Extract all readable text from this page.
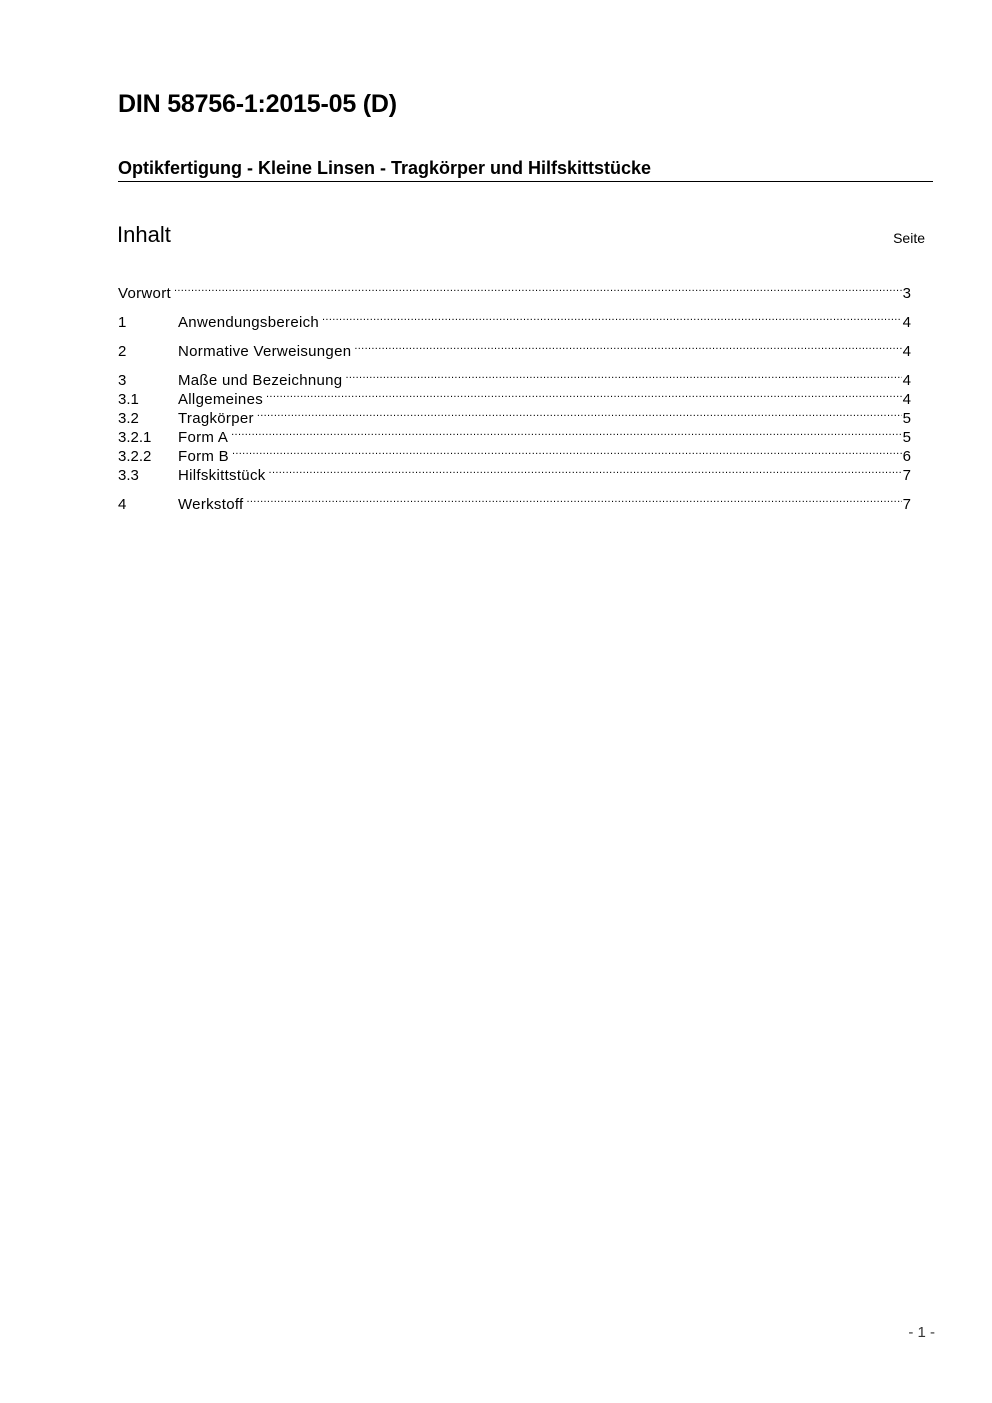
DIN 58756-1:2015-05 (D)
Optikfertigung - Kleine Linsen - Tragkörper und Hilfskittstücke
Inhalt	Seite
Vorwort .....	3
1	Anwendungsbereich .....	4
2	Normative Verweisungen .....	4
3	Maße und Bezeichnung .....	4
3.1	Allgemeines .....	4
3.2	Tragkörper .....	5
3.2.1	Form A .....	5
3.2.2	Form B .....	6
3.3	Hilfskittstück .....	7
4	Werkstoff .....	7
- 1 -
